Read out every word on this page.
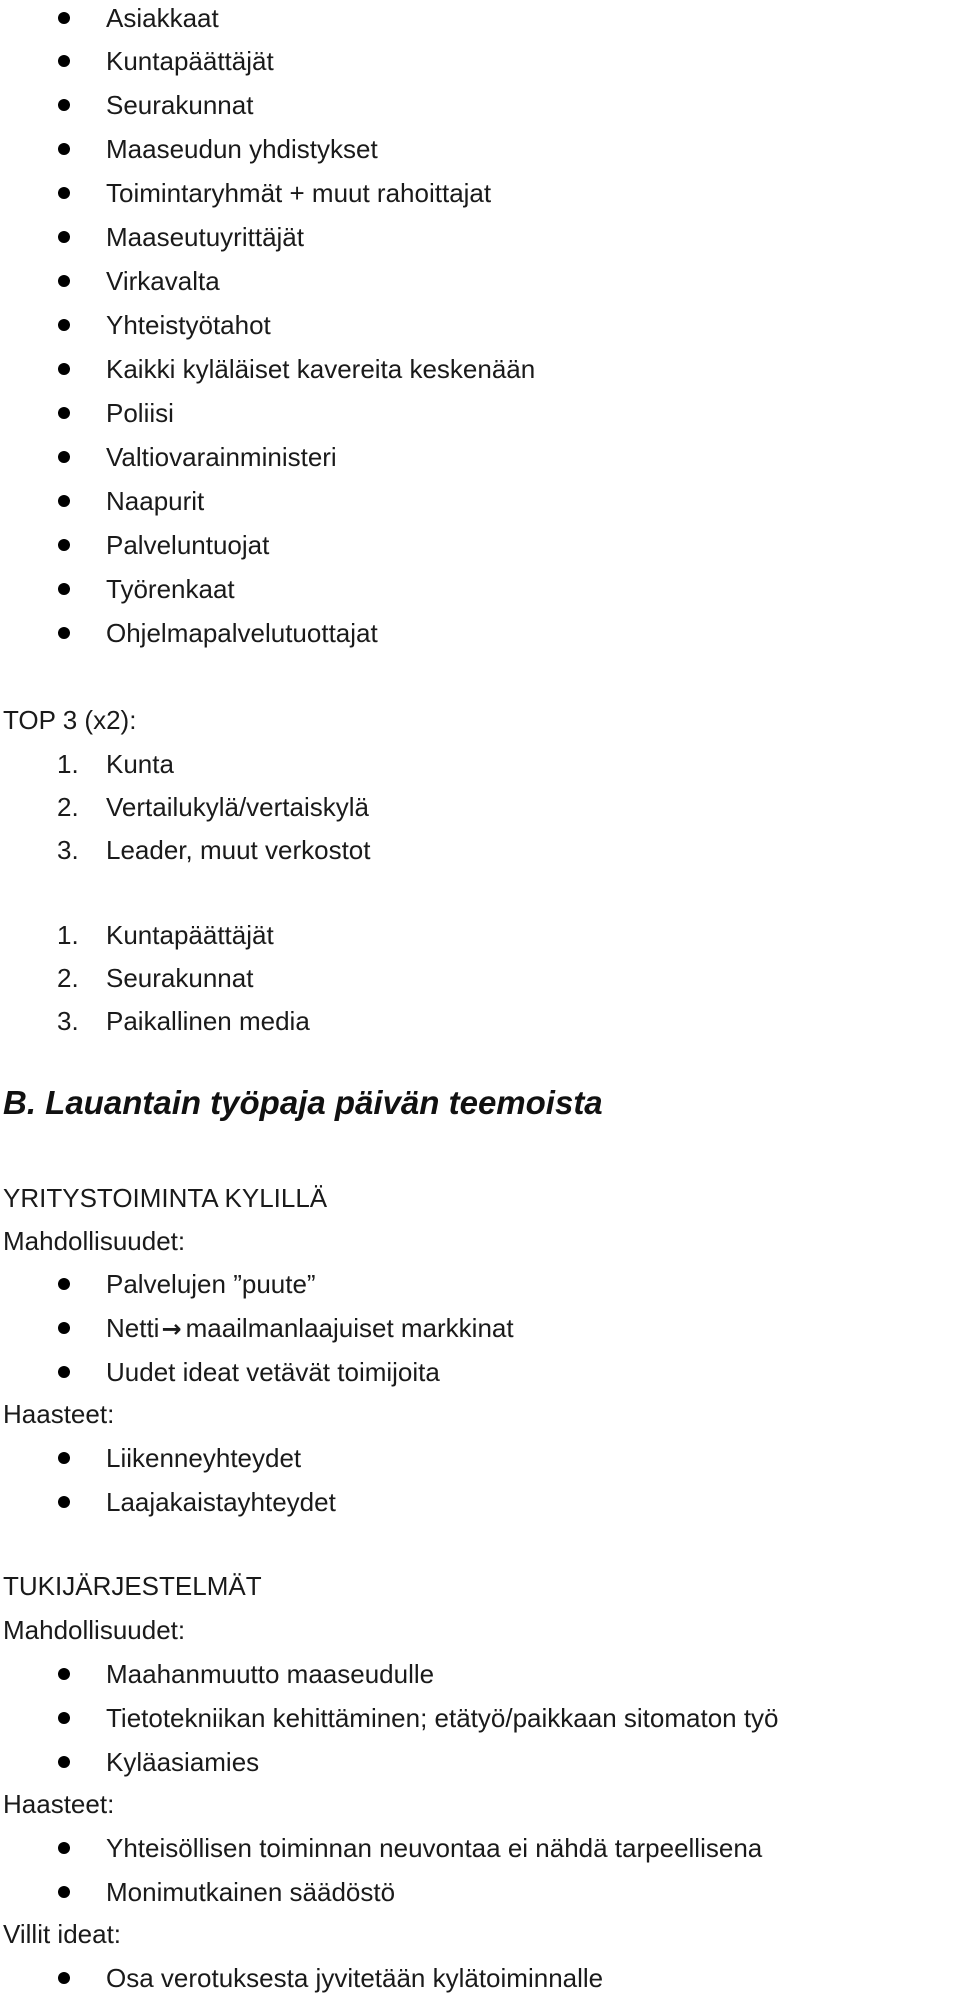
Asiakkaat
Kuntapäättäjät
Seurakunnat
Maaseudun yhdistykset
Toimintaryhmät + muut rahoittajat
Maaseutuyrittäjät
Virkavalta
Yhteistyötahot
Kaikki kyläläiset kavereita keskenään
Poliisi
Valtiovarainministeri
Naapurit
Palveluntuojat
Työrenkaat
Ohjelmapalvelutuottajat
TOP 3 (x2):
1. Kunta
2. Vertailukylä/vertaiskylä
3. Leader, muut verkostot
1. Kuntapäättäjät
2. Seurakunnat
3. Paikallinen media
B. Lauantain työpaja päivän teemoista
YRITYSTOIMINTA KYLILLÄ
Mahdollisuudet:
Palvelujen ”puute”
Netti→ maailmanlaajuiset markkinat
Uudet ideat vetävät toimijoita
Haasteet:
Liikenneyhteydet
Laajakaistayhteydet
TUKIJÄRJESTELMÄT
Mahdollisuudet:
Maahanmuutto maaseudulle
Tietotekniikan kehittäminen; etätyö/paikkaan sitomaton työ
Kyläasiamies
Haasteet:
Yhteisöllisen toiminnan neuvontaa ei nähdä tarpeellisena
Monimutkainen säädöstö
Villit ideat:
Osa verotuksesta jyvitetään kylätoiminnalle
